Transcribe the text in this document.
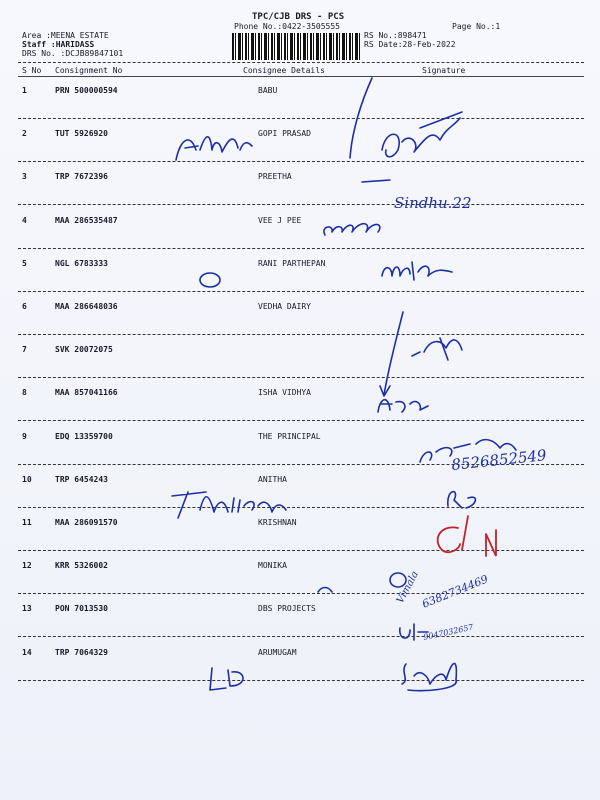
TPC/CJB DRS - PCS
Phone No.:0422-3505555	Page No.:1
Area :MEENA ESTATE
Staff :HARIDASS
DRS No. :DCJB89847101
RS No.:898471
RS Date:28-Feb-2022
S No Consignment No	Consignee Details	Signature
1	PRN 500000594	BABU
2	TUT 5926920	GOPI PRASAD
3	TRP 7672396	PREETHA
4	MAA 286535487	VEE J PEE
5	NGL 6783333	RANI PARTHEPAN
6	MAA 286648036	VEDHA DAIRY
7	SVK 20072075
8	MAA 857041166	ISHA VIDHYA
9	EDQ 13359700	THE PRINCIPAL
10	TRP 6454243	ANITHA
11	MAA 286091570	KRISHNAN
12	KRR 5326002	MONIKA
13	PON 7013530	DBS PROJECTS
14	TRP 7064329	ARUMUGAM
Sindhu.22
8526852549
Vimala 6382734469
9047032657
